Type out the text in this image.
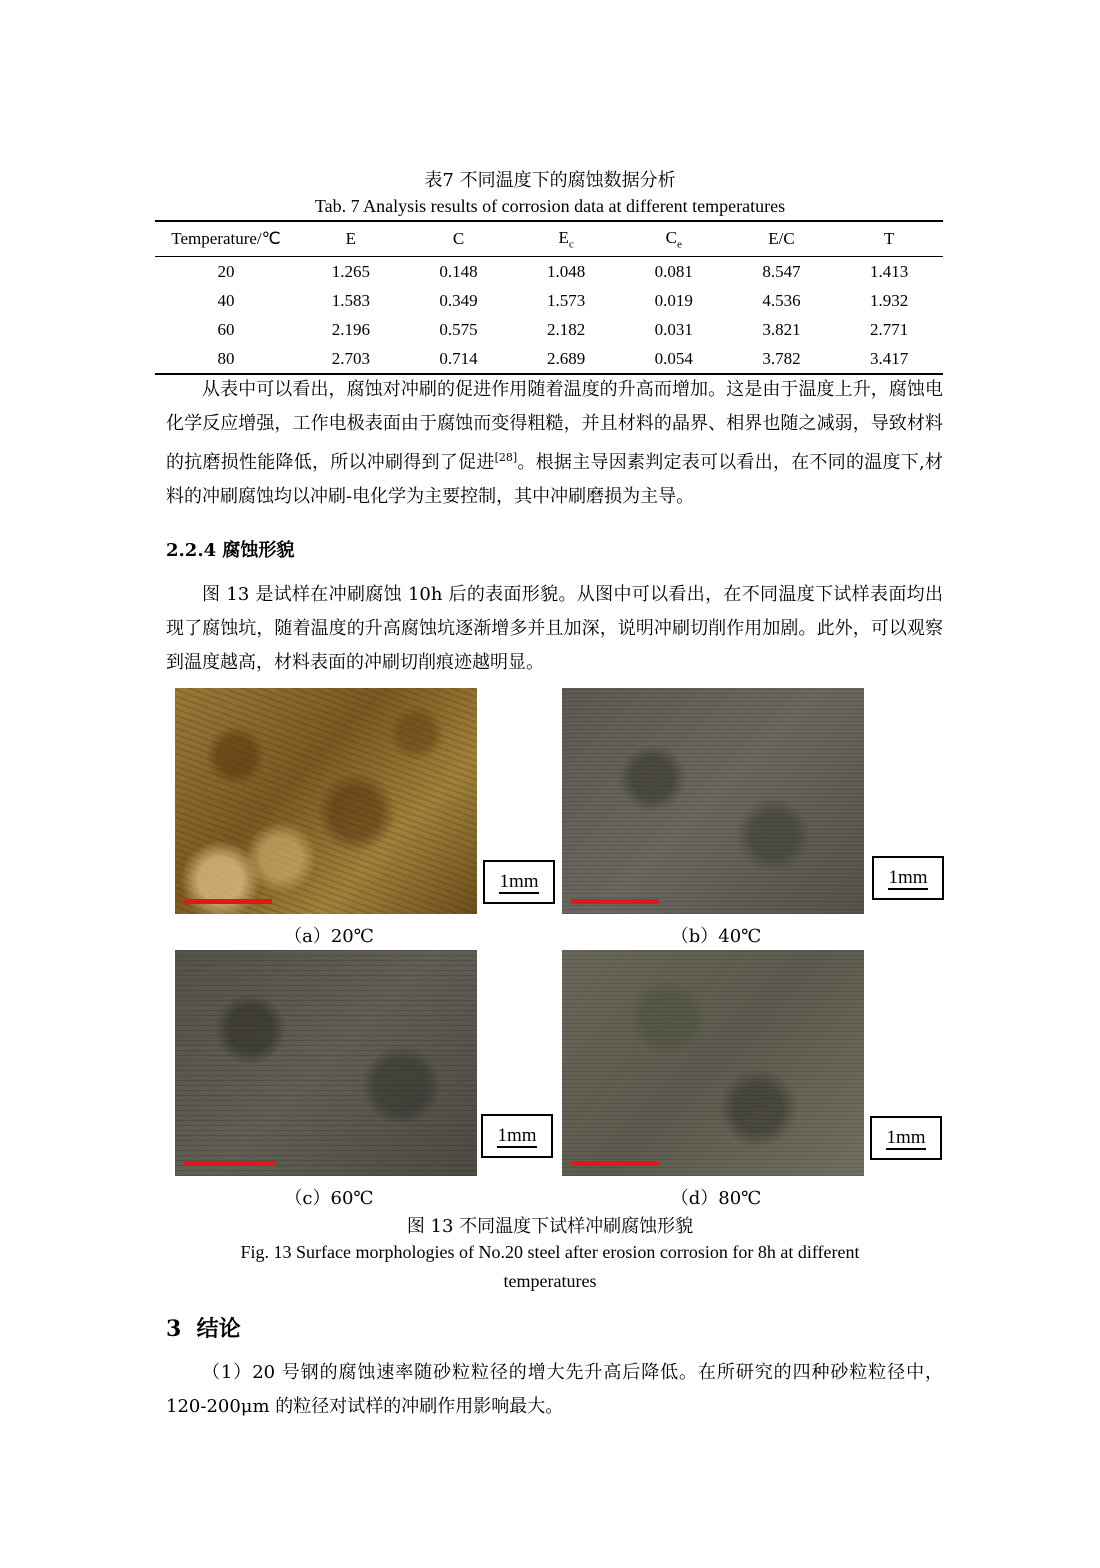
表7 不同温度下的腐蚀数据分析
Tab. 7 Analysis results of corrosion data at different temperatures
Temperature/℃	E	C	$E_c$	$C_e$	E/C	T
20	1.265	0.148	1.048	0.081	8.547	1.413
40	1.583	0.349	1.573	0.019	4.536	1.932
60	2.196	0.575	2.182	0.031	3.821	2.771
80	2.703	0.714	2.689	0.054	3.782	3.417
从表中可以看出，腐蚀对冲刷的促进作用随着温度的升高而增加。这是由于温度上升，腐蚀电化学反应增强，工作电极表面由于腐蚀而变得粗糙，并且材料的晶界、相界也随之减弱，导致材料的抗磨损性能降低，所以冲刷得到了促进[28]。根据主导因素判定表可以看出，在不同的温度下,材料的冲刷腐蚀均以冲刷-电化学为主要控制，其中冲刷磨损为主导。
2.2.4 腐蚀形貌
图 13 是试样在冲刷腐蚀 10h 后的表面形貌。从图中可以看出，在不同温度下试样表面均出现了腐蚀坑，随着温度的升高腐蚀坑逐渐增多并且加深，说明冲刷切削作用加剧。此外，可以观察到温度越高，材料表面的冲刷切削痕迹越明显。
1mm
（a）20℃
1mm
（b）40℃
1mm
（c）60℃
1mm
（d）80℃
图 13 不同温度下试样冲刷腐蚀形貌
Fig. 13 Surface morphologies of No.20 steel after erosion corrosion for 8h at different
temperatures
3 结论
（1）20 号钢的腐蚀速率随砂粒粒径的增大先升高后降低。在所研究的四种砂粒粒径中，120-200μm 的粒径对试样的冲刷作用影响最大。
